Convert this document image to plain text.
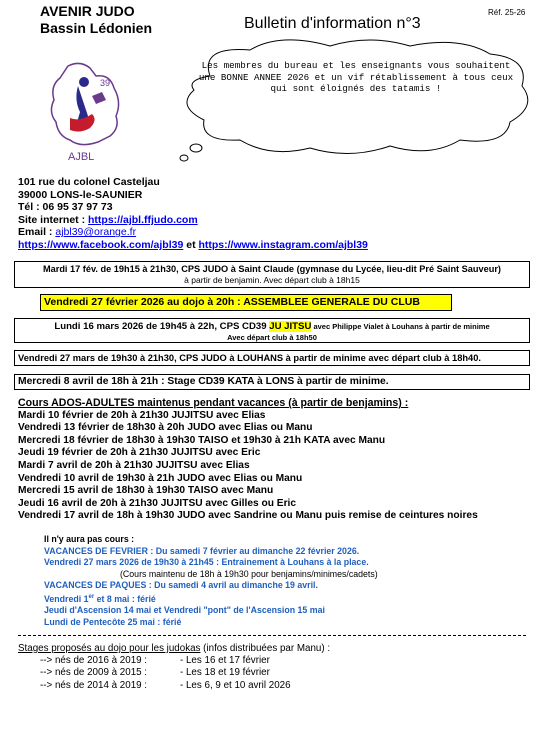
AVENIR JUDO
Bassin Lédonien	Bulletin d'information n°3
Réf. 25-26
39
AJBL
Les membres du bureau et les enseignants vous souhaitent une BONNE ANNEE 2026 et un vif rétablissement à tous ceux qui sont éloignés des tatamis !
101 rue du colonel Casteljau
39000 LONS-le-SAUNIER
Tél : 06 95 37 97 73
Site internet : https://ajbl.ffjudo.com
Email : ajbl39@orange.fr
https://www.facebook.com/ajbl39 et https://www.instagram.com/ajbl39
Mardi 17 fév. de 19h15 à 21h30, CPS JUDO à Saint Claude (gymnase du Lycée, lieu-dit Pré Saint Sauveur)
à partir de benjamin. Avec départ club à 18h15
Vendredi 27 février 2026 au dojo à 20h : ASSEMBLEE GENERALE DU CLUB
Lundi 16 mars 2026 de 19h45 à 22h, CPS CD39 JU JITSU avec Philippe Vialet à Louhans à partir de minime
Avec départ club à 18h50
Vendredi 27 mars de 19h30 à 21h30, CPS JUDO à LOUHANS à partir de minime avec départ club à 18h40.
Mercredi 8 avril de 18h à 21h : Stage CD39 KATA à LONS à partir de minime.
Cours ADOS-ADULTES maintenus pendant vacances (à partir de benjamins) :
Mardi 10 février de 20h à 21h30 JUJITSU avec Elias
Vendredi 13 février de 18h30 à 20h JUDO avec Elias ou Manu
Mercredi 18 février de 18h30 à 19h30 TAISO et 19h30 à 21h KATA avec Manu
Jeudi 19 février de 20h à 21h30 JUJITSU avec Eric
Mardi 7 avril de 20h à 21h30 JUJITSU avec Elias
Vendredi 10 avril de 19h30 à 21h JUDO avec Elias ou Manu
Mercredi 15 avril de 18h30 à 19h30 TAISO avec Manu
Jeudi 16 avril de 20h à 21h30 JUJITSU avec Gilles ou Eric
Vendredi 17 avril de 18h à 19h30 JUDO avec Sandrine ou Manu puis remise de ceintures noires
Il n'y aura pas cours :
VACANCES DE FEVRIER : Du samedi 7 février au dimanche 22 février 2026.
Vendredi 27 mars 2026 de 19h30 à 21h45 : Entrainement à Louhans à la place.
(Cours maintenu de 18h à 19h30 pour benjamins/minimes/cadets)
VACANCES DE PAQUES : Du samedi 4 avril au dimanche 19 avril.
Vendredi 1er et 8 mai : férié
Jeudi d'Ascension 14 mai et Vendredi "pont" de l'Ascension 15 mai
Lundi de Pentecôte 25 mai : férié
Stages proposés au dojo pour les judokas (infos distribuées par Manu) :
--> nés de 2016 à 2019 :	- Les 16 et 17 février
--> nés de 2009 à 2015 :	- Les 18 et 19 février
--> nés de 2014 à 2019 :	- Les 6, 9 et 10 avril 2026
